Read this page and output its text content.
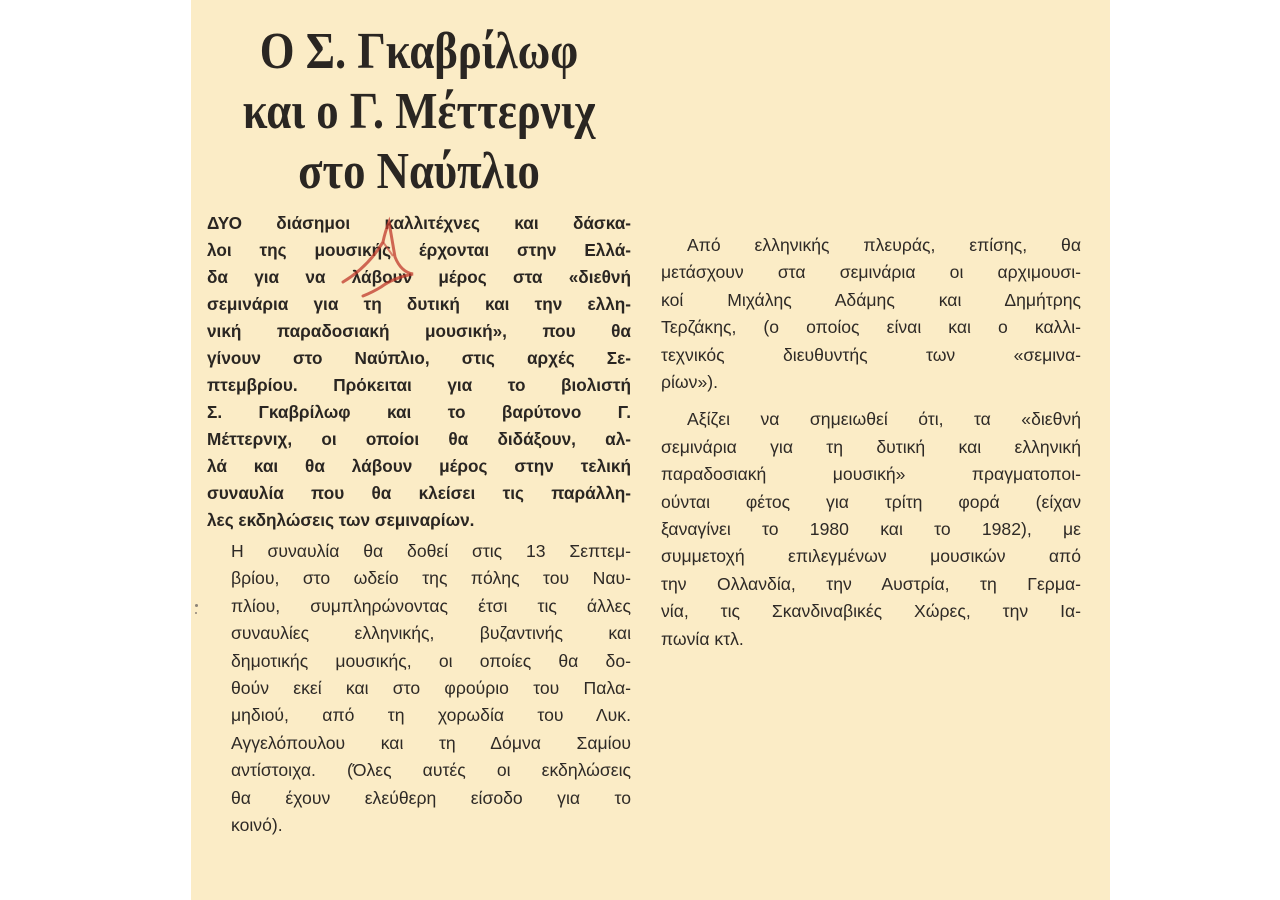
Ο Σ. Γκαβρίλωφ
και ο Γ. Μέττερνιχ
στο Ναύπλιο
ΔΥΟ διάσημοι καλλιτέχνες και δάσκα-
λοι της μουσικής έρχονται στην Ελλά-
δα για να λάβουν μέρος στα «διεθνή
σεμινάρια για τη δυτική και την ελλη-
νική παραδοσιακή μουσική», που θα
γίνουν στο Ναύπλιο, στις αρχές Σε-
πτεμβρίου. Πρόκειται για το βιολιστή
Σ. Γκαβρίλωφ και το βαρύτονο Γ.
Μέττερνιχ, οι οποίοι θα διδάξουν, αλ-
λά και θα λάβουν μέρος στην τελική
συναυλία που θα κλείσει τις παράλλη-
λες εκδηλώσεις των σεμιναρίων.
Η συναυλία θα δοθεί στις 13 Σεπτεμ-
βρίου, στο ωδείο της πόλης του Ναυ-
πλίου, συμπληρώνοντας έτσι τις άλλες
συναυλίες ελληνικής, βυζαντινής και
δημοτικής μουσικής, οι οποίες θα δο-
θούν εκεί και στο φρούριο του Παλα-
μηδιού, από τη χορωδία του Λυκ.
Αγγελόπουλου και τη Δόμνα Σαμίου
αντίστοιχα. (Όλες αυτές οι εκδηλώσεις
θα έχουν ελεύθερη είσοδο για το
κοινό).
Από ελληνικής πλευράς, επίσης, θα
μετάσχουν στα σεμινάρια οι αρχιμουσι-
κοί Μιχάλης Αδάμης και Δημήτρης
Τερζάκης, (ο οποίος είναι και ο καλλι-
τεχνικός διευθυντής των «σεμινα-
ρίων»).
Αξίζει να σημειωθεί ότι, τα «διεθνή
σεμινάρια για τη δυτική και ελληνική
παραδοσιακή μουσική» πραγματοποι-
ούνται φέτος για τρίτη φορά (είχαν
ξαναγίνει το 1980 και το 1982), με
συμμετοχή επιλεγμένων μουσικών από
την Ολλανδία, την Αυστρία, τη Γερμα-
νία, τις Σκανδιναβικές Χώρες, την Ια-
πωνία κτλ.
